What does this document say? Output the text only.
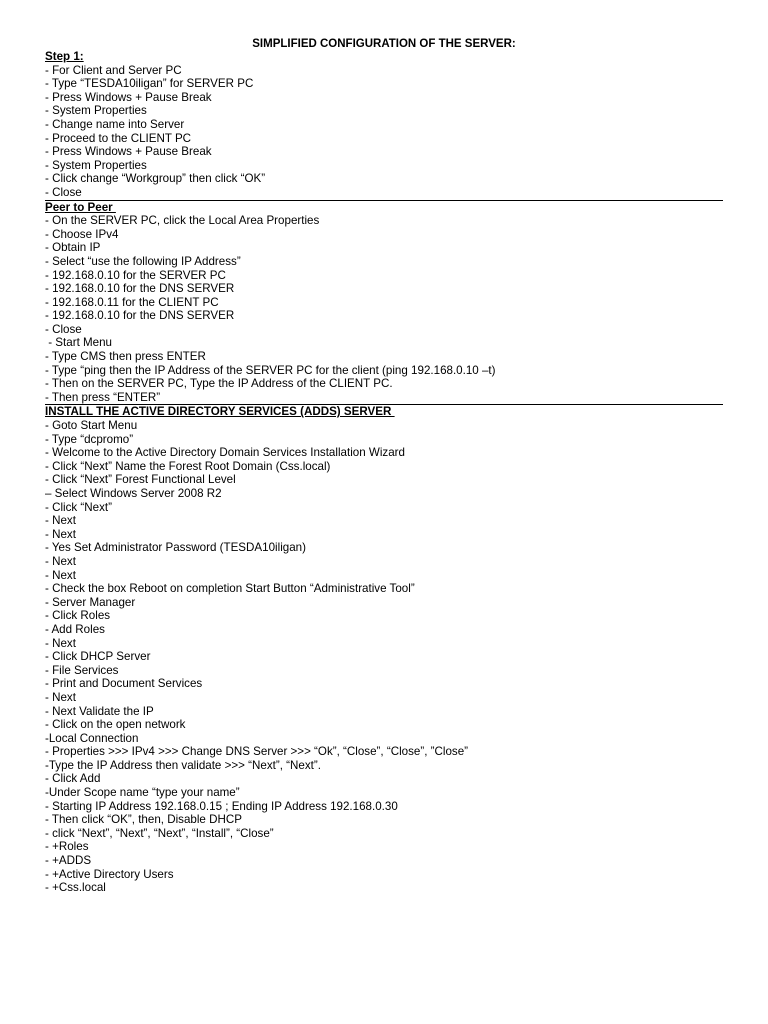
SIMPLIFIED CONFIGURATION OF THE SERVER:
Step 1:
- For Client and Server PC
- Type “TESDA10iligan” for SERVER PC
- Press Windows + Pause Break
- System Properties
- Change name into Server
- Proceed to the CLIENT PC
- Press Windows + Pause Break
- System Properties
- Click change “Workgroup” then click “OK”
- Close
Peer to Peer
- On the SERVER PC, click the Local Area Properties
- Choose IPv4
- Obtain IP
- Select “use the following IP Address”
- 192.168.0.10 for the SERVER PC
- 192.168.0.10 for the DNS SERVER
- 192.168.0.11 for the CLIENT PC
- 192.168.0.10 for the DNS SERVER
- Close
- Start Menu
- Type CMS then press ENTER
- Type “ping then the IP Address of the SERVER PC for the client (ping 192.168.0.10 –t)
- Then on the SERVER PC, Type the IP Address of the CLIENT PC.
- Then press “ENTER”
INSTALL THE ACTIVE DIRECTORY SERVICES (ADDS) SERVER
- Goto Start Menu
- Type “dcpromo”
- Welcome to the Active Directory Domain Services Installation Wizard
- Click “Next” Name the Forest Root Domain (Css.local)
- Click “Next” Forest Functional Level
– Select Windows Server 2008 R2
- Click “Next”
- Next
- Next
- Yes Set Administrator Password (TESDA10iligan)
- Next
- Next
- Check the box Reboot on completion Start Button “Administrative Tool”
- Server Manager
- Click Roles
- Add Roles
- Next
- Click DHCP Server
- File Services
- Print and Document Services
- Next
- Next Validate the IP
- Click on the open network
-Local Connection
- Properties >>> IPv4 >>> Change DNS Server >>> “Ok”, “Close”, “Close”, ”Close”
-Type the IP Address then validate >>> “Next”, “Next”.
- Click Add
-Under Scope name “type your name”
- Starting IP Address 192.168.0.15 ; Ending IP Address 192.168.0.30
- Then click “OK”, then, Disable DHCP
- click “Next”, “Next”, “Next”, “Install”, “Close”
- +Roles
- +ADDS
- +Active Directory Users
- +Css.local
